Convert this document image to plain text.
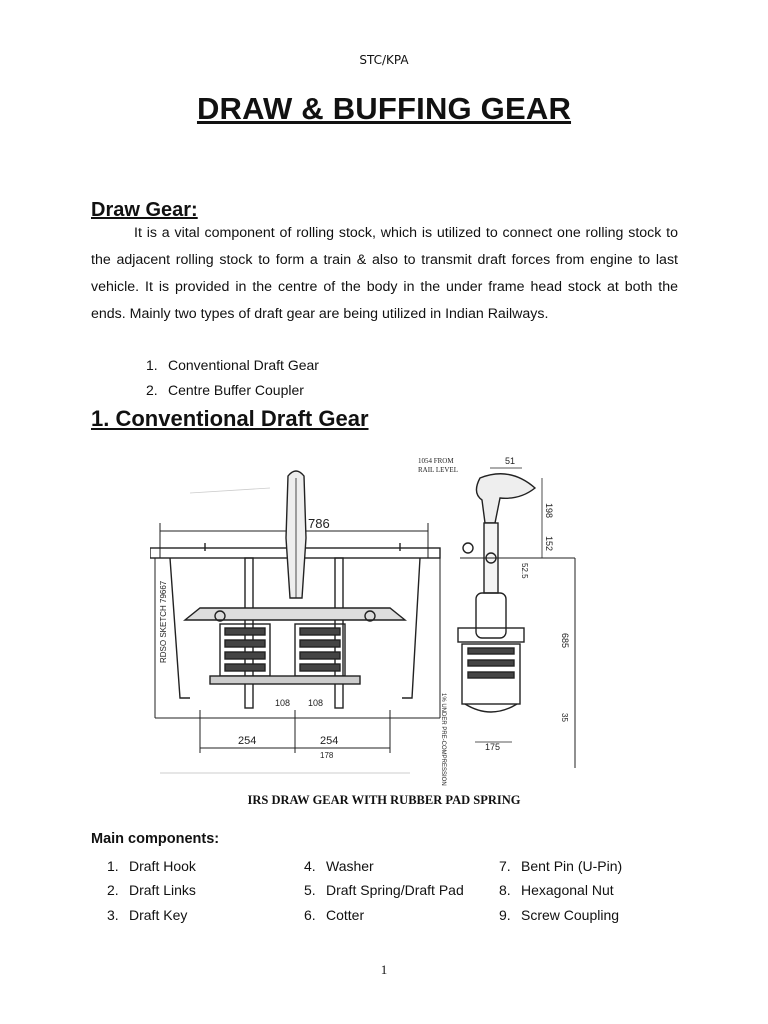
STC/KPA
DRAW & BUFFING GEAR
Draw Gear:
It is a vital component of rolling stock, which is utilized to connect one rolling stock to the adjacent rolling stock to form a train & also to transmit draft forces from engine to last vehicle. It is provided in the centre of the body in the under frame head stock at both the ends. Mainly two types of draft gear are being utilized in Indian Railways.
1. Conventional Draft Gear
2. Centre Buffer Coupler
1. Conventional Draft Gear
786
RDSO SKETCH 79667
108 108
254	254
178
1054 FROM
RAIL LEVEL
51
198
152
52.5
685
35
1% UNDER PRE-COMPRESSION	175
IRS DRAW GEAR WITH RUBBER PAD SPRING
Main components:
1. Draft Hook
2. Draft Links
3. Draft Key
4. Washer
5. Draft Spring/Draft Pad
6. Cotter
7. Bent Pin (U-Pin)
8. Hexagonal Nut
9. Screw Coupling
1
